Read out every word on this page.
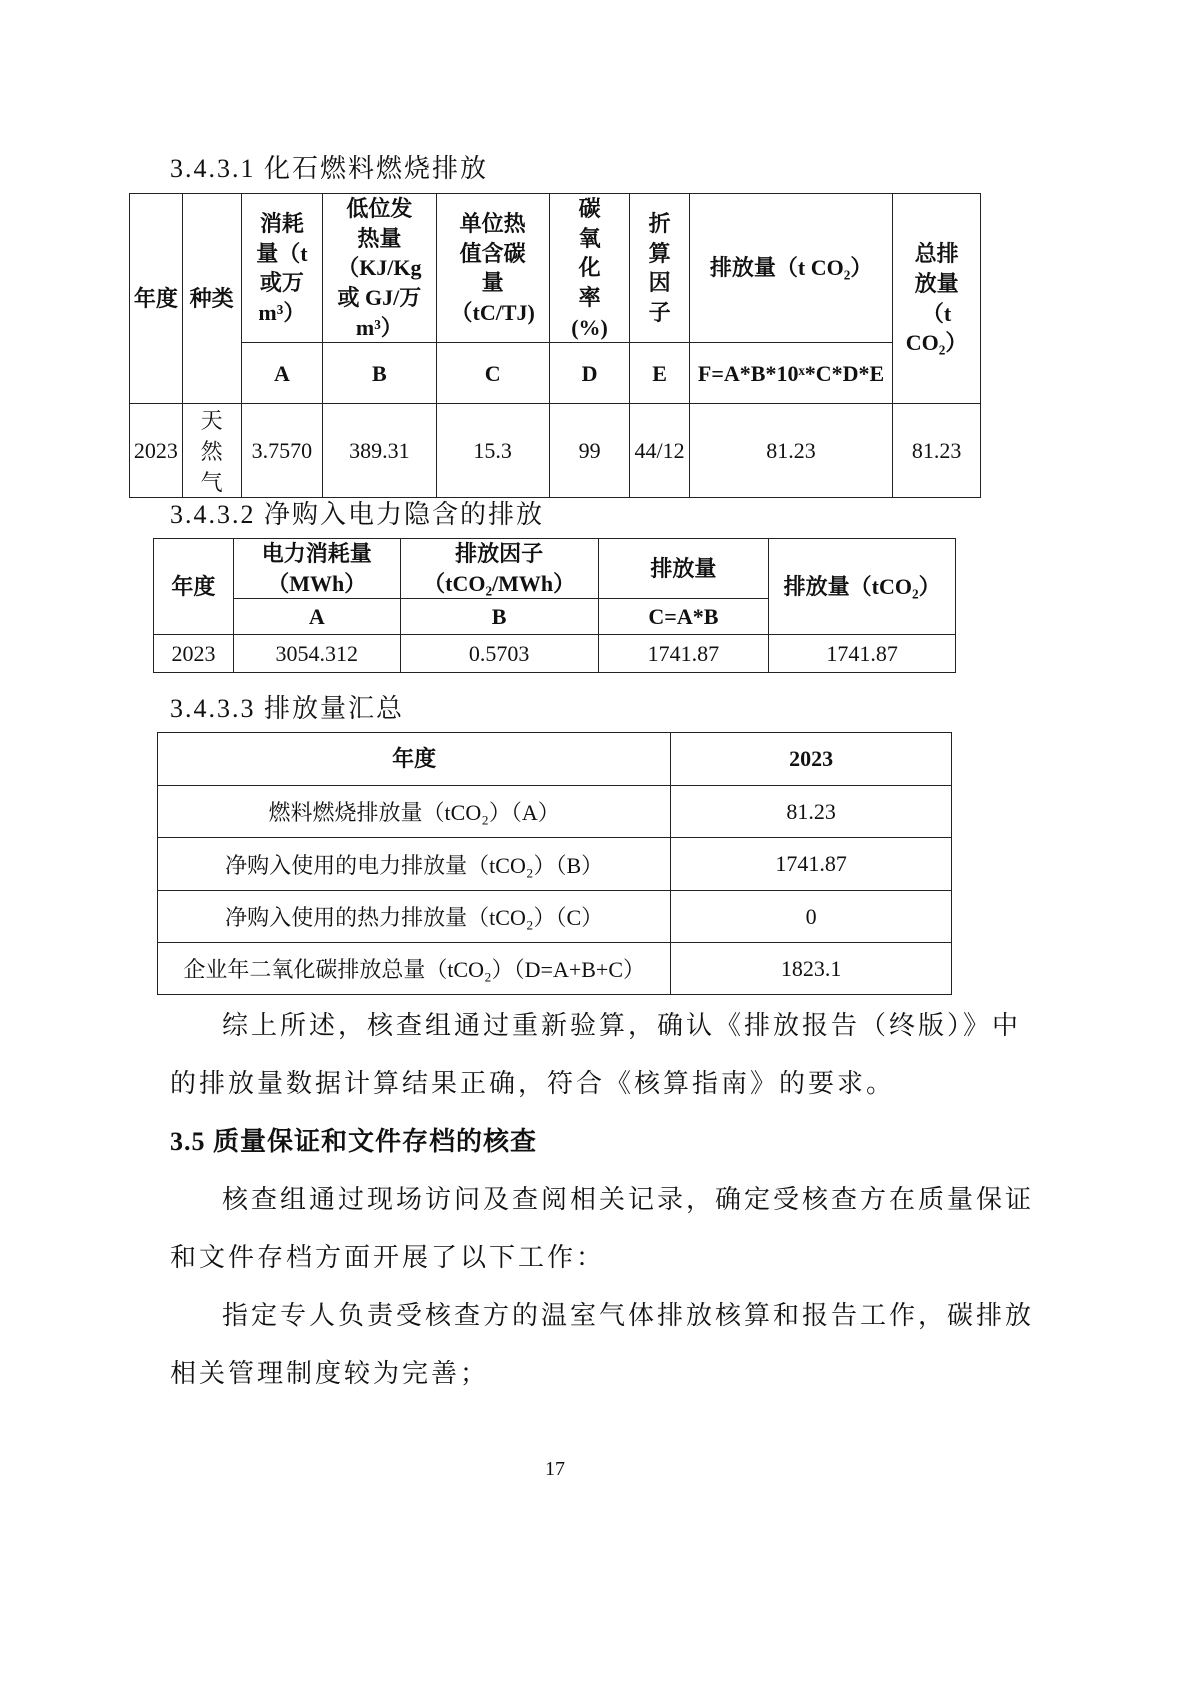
3.4.3.1 化石燃料燃烧排放
年度	种类	消耗量（t 或万 m³）	低位发热量（KJ/Kg 或 GJ/万 m³）	单位热值含碳量（tC/TJ)	碳氧化率(%)	折算因子	排放量（t CO₂）	总排放量（t CO₂）
		A	B	C	D	E	F=A*B*10ˣ*C*D*E	
2023	天然气	3.7570	389.31	15.3	99	44/12	81.23	81.23
3.4.3.2 净购入电力隐含的排放
年度	电力消耗量（MWh）	排放因子（tCO₂/MWh）	排放量	排放量（tCO₂）
	A	B	C=A*B	
2023	3054.312	0.5703	1741.87	1741.87
3.4.3.3 排放量汇总
年度	2023
燃料燃烧排放量（tCO₂）（A）	81.23
净购入使用的电力排放量（tCO₂）（B）	1741.87
净购入使用的热力排放量（tCO₂）（C）	0
企业年二氧化碳排放总量（tCO₂）（D=A+B+C）	1823.1
综上所述，核查组通过重新验算，确认《排放报告（终版）》中
的排放量数据计算结果正确，符合《核算指南》的要求。
3.5 质量保证和文件存档的核查
核查组通过现场访问及查阅相关记录，确定受核查方在质量保证
和文件存档方面开展了以下工作：
指定专人负责受核查方的温室气体排放核算和报告工作，碳排放
相关管理制度较为完善；
17
